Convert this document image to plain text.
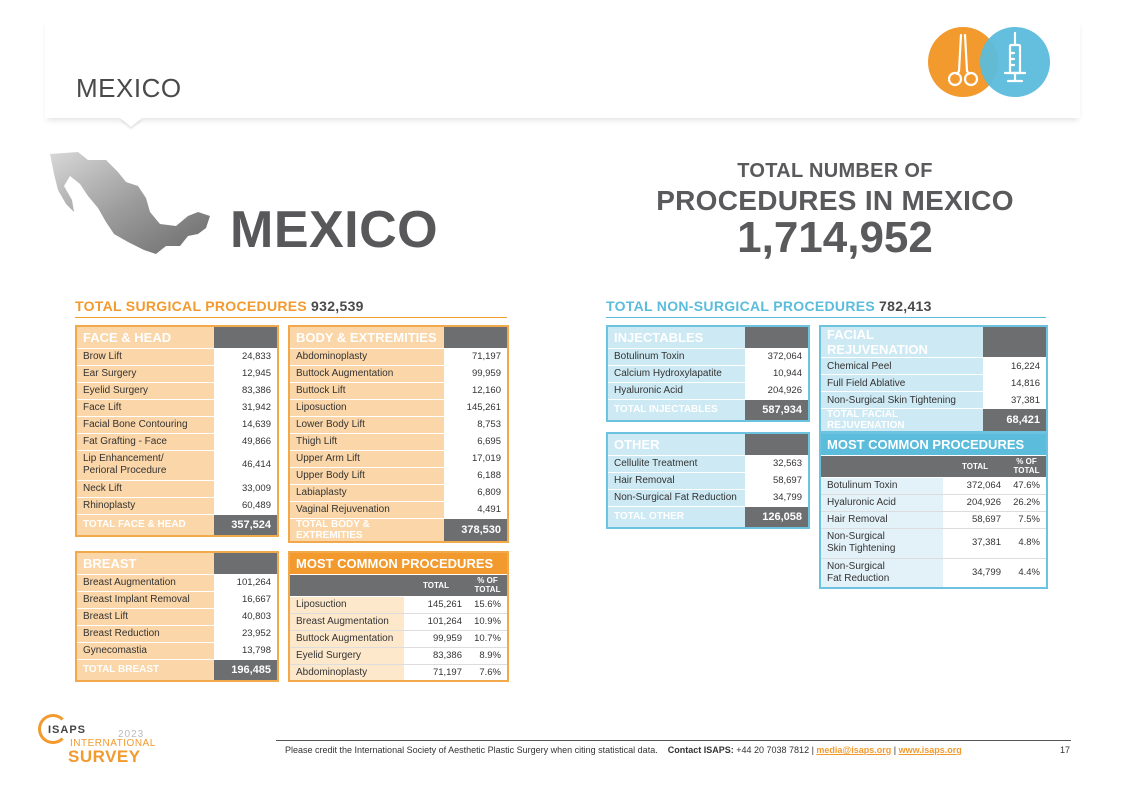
MEXICO
MEXICO
TOTAL NUMBER OF
PROCEDURES IN MEXICO
1,714,952
TOTAL SURGICAL PROCEDURES 932,539	TOTAL NON-SURGICAL PROCEDURES 782,413
FACE & HEAD	
Brow Lift	24,833
Ear Surgery	12,945
Eyelid Surgery	83,386
Face Lift	31,942
Facial Bone Contouring	14,639
Fat Grafting - Face	49,866

Lip Enhancement/
Perioral Procedure	46,414
Neck Lift	33,009
Rhinoplasty	60,489
TOTAL FACE & HEAD	357,524
BODY & EXTREMITIES	
Abdominoplasty	71,197
Buttock Augmentation	99,959
Buttock Lift	12,160
Liposuction	145,261
Lower Body Lift	8,753
Thigh Lift	6,695
Upper Arm Lift	17,019
Upper Body Lift	6,188
Labiaplasty	6,809
Vaginal Rejuvenation	4,491
TOTAL BODY & EXTREMITIES	378,530
BREAST	
Breast Augmentation	101,264
Breast Implant Removal	16,667
Breast Lift	40,803
Breast Reduction	23,952
Gynecomastia	13,798
TOTAL BREAST	196,485
MOST COMMON PROCEDURES		
	TOTAL	% OF TOTAL
Liposuction	145,261	15.6%
Breast Augmentation	101,264	10.9%
Buttock Augmentation	99,959	10.7%
Eyelid Surgery	83,386	8.9%
Abdominoplasty	71,197	7.6%
INJECTABLES	
Botulinum Toxin	372,064
Calcium Hydroxylapatite	10,944
Hyaluronic Acid	204,926
TOTAL INJECTABLES	587,934
FACIAL REJUVENATION	
Chemical Peel	16,224
Full Field Ablative	14,816
Non-Surgical Skin Tightening	37,381
TOTAL FACIAL REJUVENATION	68,421
OTHER	
Cellulite Treatment	32,563
Hair Removal	58,697
Non-Surgical Fat Reduction	34,799
TOTAL OTHER	126,058
MOST COMMON PROCEDURES		
	TOTAL	% OF TOTAL
Botulinum Toxin	372,064	47.6%
Hyaluronic Acid	204,926	26.2%
Hair Removal	58,697	7.5%

Non-Surgical
Skin Tightening	37,381	4.8%

Non-Surgical
Fat Reduction	34,799	4.4%
Please credit the International Society of Aesthetic Plastic Surgery when citing statistical data. Contact ISAPS: +44 20 7038 7812 | media@isaps.org | www.isaps.org	17
ISAPS	2023
INTERNATIONAL
SURVEY
